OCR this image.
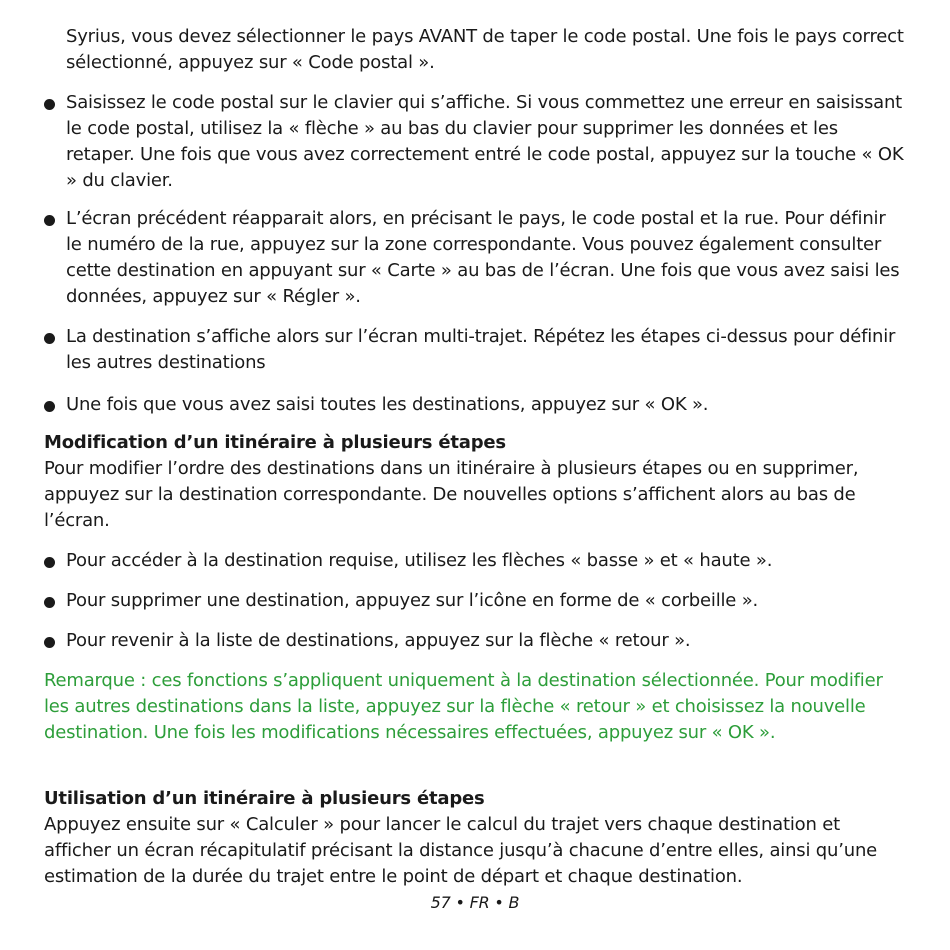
Syrius, vous devez sélectionner le pays AVANT de taper le code postal. Une fois le pays correct sélectionné, appuyez sur « Code postal ».

Saisissez le code postal sur le clavier qui s’affiche. Si vous commettez une erreur en saisissant le code postal, utilisez la « flèche » au bas du clavier pour supprimer les données et les retaper. Une fois que vous avez correctement entré le code postal, appuyez sur la touche « OK » du clavier.
L’écran précédent réapparait alors, en précisant le pays, le code postal et la rue. Pour définir le numéro de la rue, appuyez sur la zone correspondante. Vous pouvez également consulter cette destination en appuyant sur « Carte » au bas de l’écran. Une fois que vous avez saisi les données, appuyez sur « Régler ».
La destination s’affiche alors sur l’écran multi-trajet. Répétez les étapes ci-dessus pour définir les autres destinations
Une fois que vous avez saisi toutes les destinations, appuyez sur « OK ».
Modification d’un itinéraire à plusieurs étapes
Pour modifier l’ordre des destinations dans un itinéraire à plusieurs étapes ou en supprimer, appuyez sur la destination correspondante. De nouvelles options s’affichent alors au bas de l’écran.
Pour accéder à la destination requise, utilisez les flèches « basse » et « haute ».
Pour supprimer une destination, appuyez sur l’icône en forme de « corbeille ».
Pour revenir à la liste de destinations, appuyez sur la flèche « retour ».

Remarque : ces fonctions s’appliquent uniquement à la destination sélectionnée. Pour modifier les autres destinations dans la liste, appuyez sur la flèche « retour » et choisissez la nouvelle destination. Une fois les modifications nécessaires effectuées, appuyez sur « OK ».

Utilisation d’un itinéraire à plusieurs étapes
Appuyez ensuite sur « Calculer » pour lancer le calcul du trajet vers chaque destination et afficher un écran récapitulatif précisant la distance jusqu’à chacune d’entre elles, ainsi qu’une estimation de la durée du trajet entre le point de départ et chaque destination.
57 • FR • B
